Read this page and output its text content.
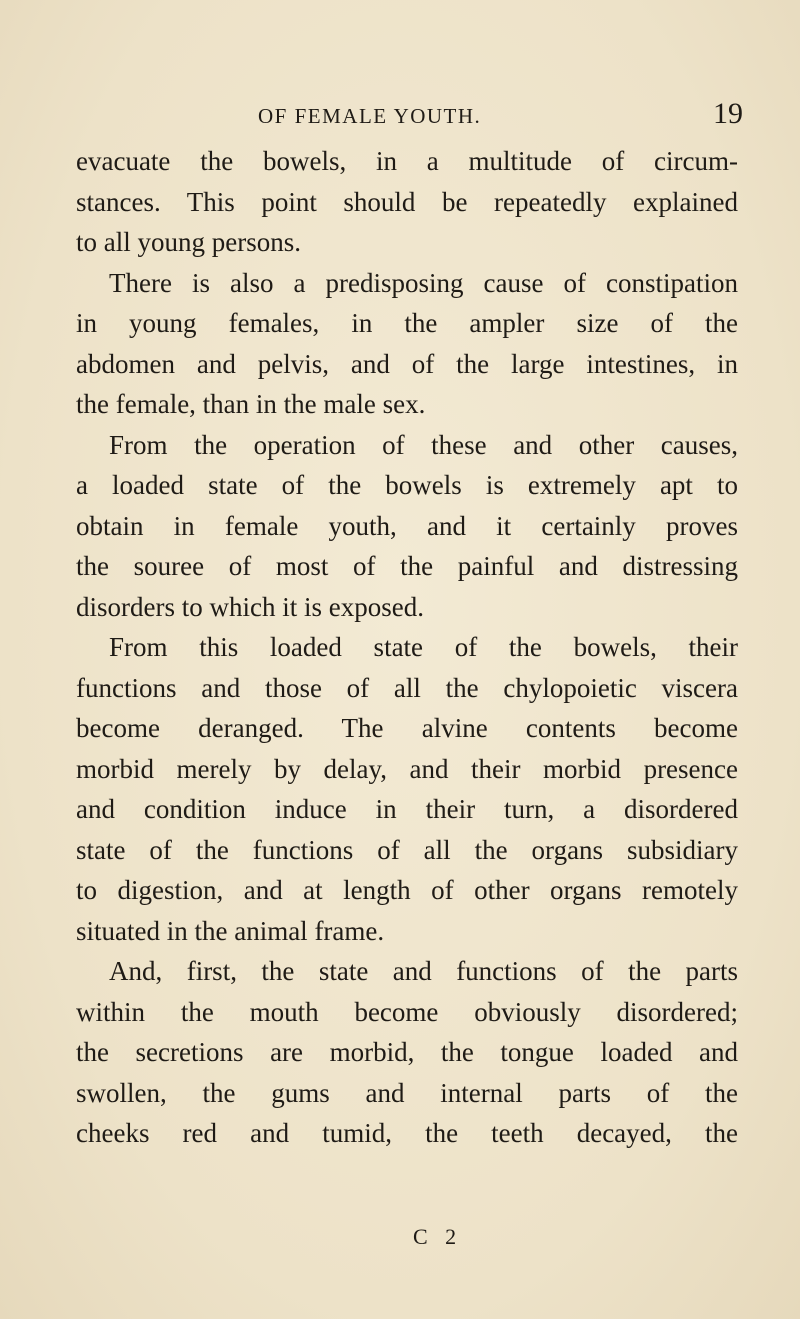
OF FEMALE YOUTH.	19
evacuate the bowels, in a multitude of circum-
stances. This point should be repeatedly explained
to all young persons.
There is also a predisposing cause of constipation
in young females, in the ampler size of the
abdomen and pelvis, and of the large intestines, in
the female, than in the male sex.
From the operation of these and other causes,
a loaded state of the bowels is extremely apt to
obtain in female youth, and it certainly proves
the souree of most of the painful and distressing
disorders to which it is exposed.
From this loaded state of the bowels, their
functions and those of all the chylopoietic viscera
become deranged. The alvine contents become
morbid merely by delay, and their morbid presence
and condition induce in their turn, a disordered
state of the functions of all the organs subsidiary
to digestion, and at length of other organs remotely
situated in the animal frame.
And, first, the state and functions of the parts
within the mouth become obviously disordered;
the secretions are morbid, the tongue loaded and
swollen, the gums and internal parts of the
cheeks red and tumid, the teeth decayed, the
C 2
